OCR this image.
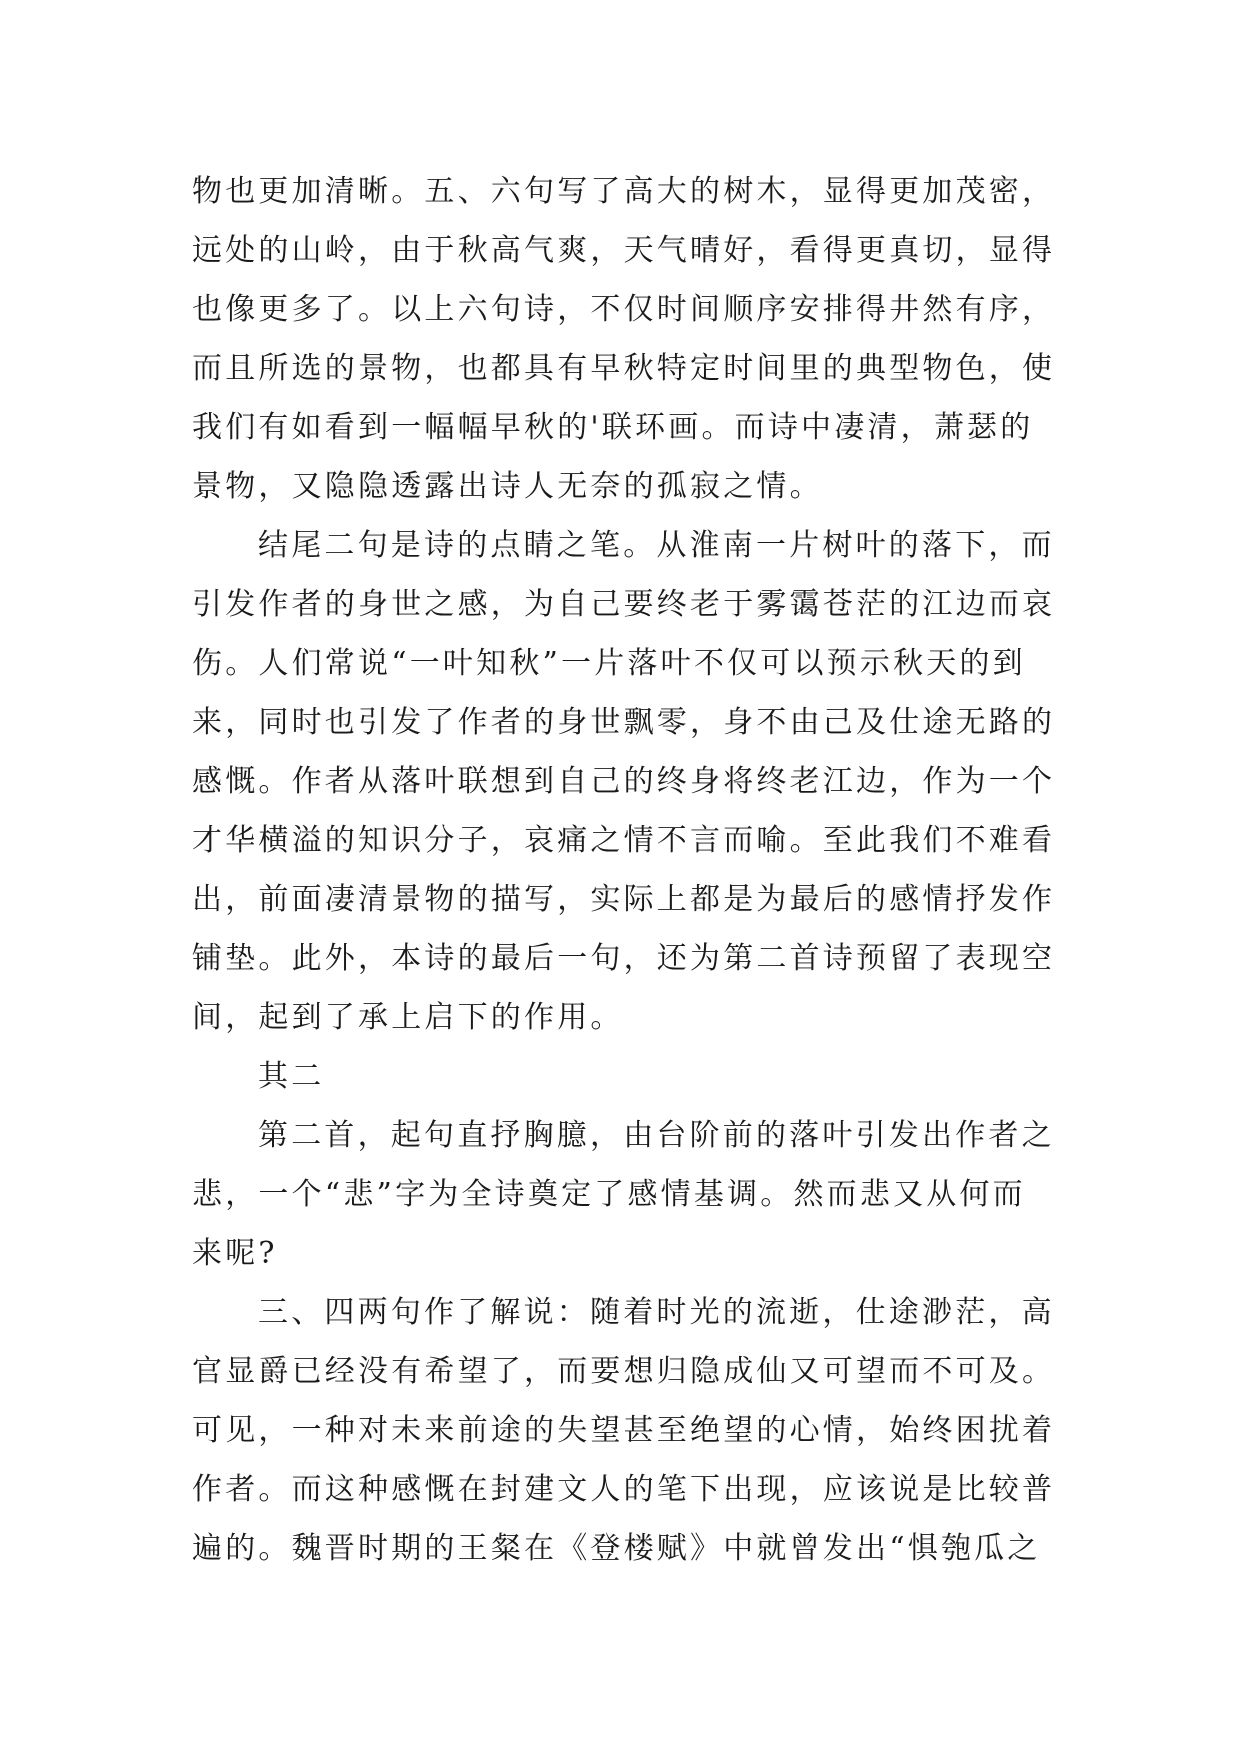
物也更加清晰。五、六句写了高大的树木，显得更加茂密，
远处的山岭，由于秋高气爽，天气晴好，看得更真切，显得
也像更多了。以上六句诗，不仅时间顺序安排得井然有序，
而且所选的景物，也都具有早秋特定时间里的典型物色，使
我们有如看到一幅幅早秋的'联环画。而诗中凄清，萧瑟的
景物，又隐隐透露出诗人无奈的孤寂之情。

结尾二句是诗的点睛之笔。从淮南一片树叶的落下，而
引发作者的身世之感，为自己要终老于雾霭苍茫的江边而哀
伤。人们常说“一叶知秋”一片落叶不仅可以预示秋天的到
来，同时也引发了作者的身世飘零，身不由己及仕途无路的
感慨。作者从落叶联想到自己的终身将终老江边，作为一个
才华横溢的知识分子，哀痛之情不言而喻。至此我们不难看
出，前面凄清景物的描写，实际上都是为最后的感情抒发作
铺垫。此外，本诗的最后一句，还为第二首诗预留了表现空
间，起到了承上启下的作用。

其二

第二首，起句直抒胸臆，由台阶前的落叶引发出作者之
悲，一个“悲”字为全诗奠定了感情基调。然而悲又从何而
来呢?

三、四两句作了解说：随着时光的流逝，仕途渺茫，高
官显爵已经没有希望了，而要想归隐成仙又可望而不可及。
可见，一种对未来前途的失望甚至绝望的心情，始终困扰着
作者。而这种感慨在封建文人的笔下出现，应该说是比较普
遍的。魏晋时期的王粲在《登楼赋》中就曾发出“惧匏瓜之
